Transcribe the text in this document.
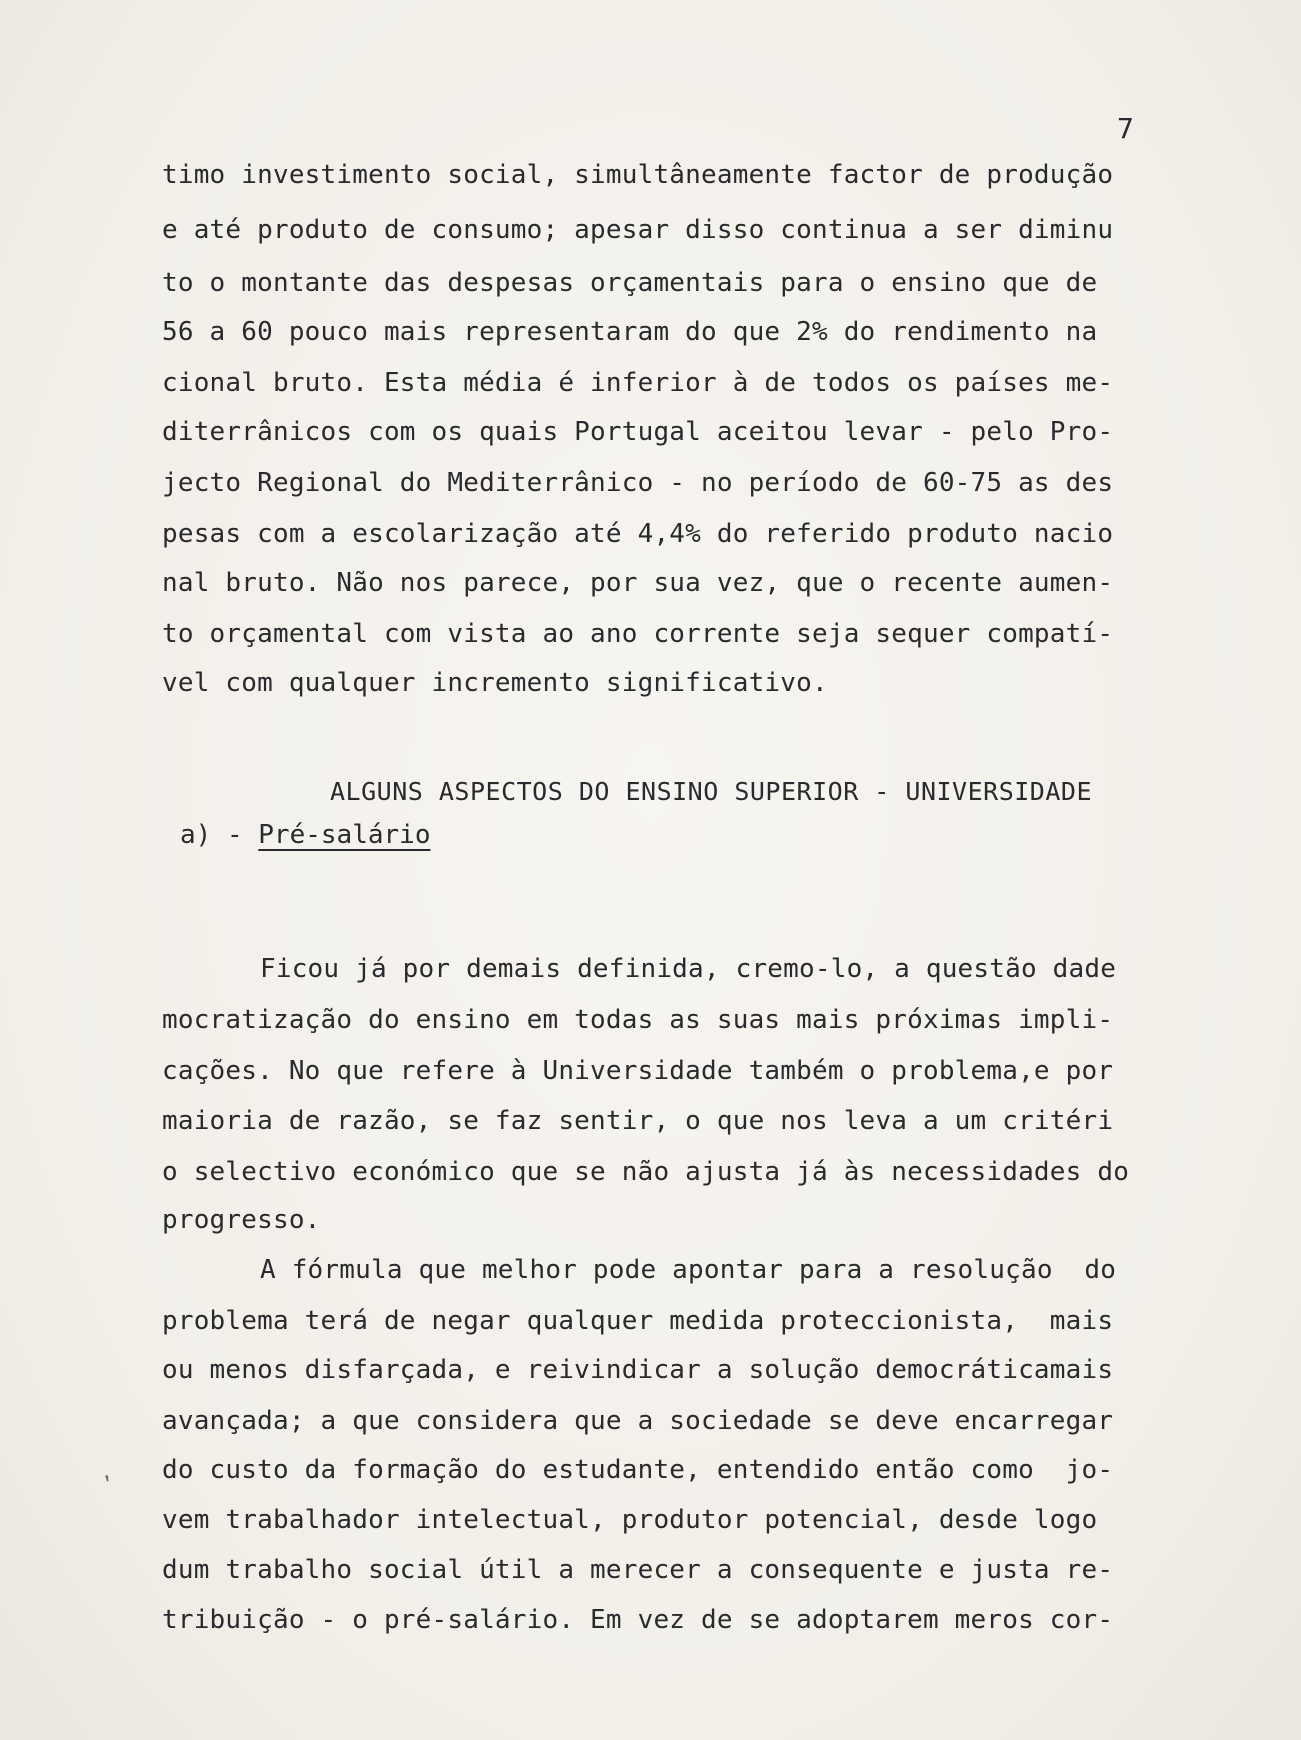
7
timo investimento social, simultâneamente factor de produção
e até produto de consumo; apesar disso continua a ser diminu
to o montante das despesas orçamentais para o ensino que de
56 a 60 pouco mais representaram do que 2% do rendimento na
cional bruto. Esta média é inferior à de todos os países me-
diterrânicos com os quais Portugal aceitou levar - pelo Pro-
jecto Regional do Mediterrânico - no período de 60-75 as des
pesas com a escolarização até 4,4% do referido produto nacio
nal bruto. Não nos parece, por sua vez, que o recente aumen-
to orçamental com vista ao ano corrente seja sequer compatí-
vel com qualquer incremento significativo.
ALGUNS ASPECTOS DO ENSINO SUPERIOR - UNIVERSIDADE
a) - Pré-salário
Ficou já por demais definida, cremo-lo, a questão dade
mocratização do ensino em todas as suas mais próximas impli-
cações. No que refere à Universidade também o problema,e por
maioria de razão, se faz sentir, o que nos leva a um critéri
o selectivo económico que se não ajusta já às necessidades do
progresso.
A fórmula que melhor pode apontar para a resolução  do
problema terá de negar qualquer medida proteccionista,  mais
ou menos disfarçada, e reivindicar a solução democráticamais
avançada; a que considera que a sociedade se deve encarregar
do custo da formação do estudante, entendido então como  jo-
vem trabalhador intelectual, produtor potencial, desde logo
dum trabalho social útil a merecer a consequente e justa re-
tribuição - o pré-salário. Em vez de se adoptarem meros cor-
,
